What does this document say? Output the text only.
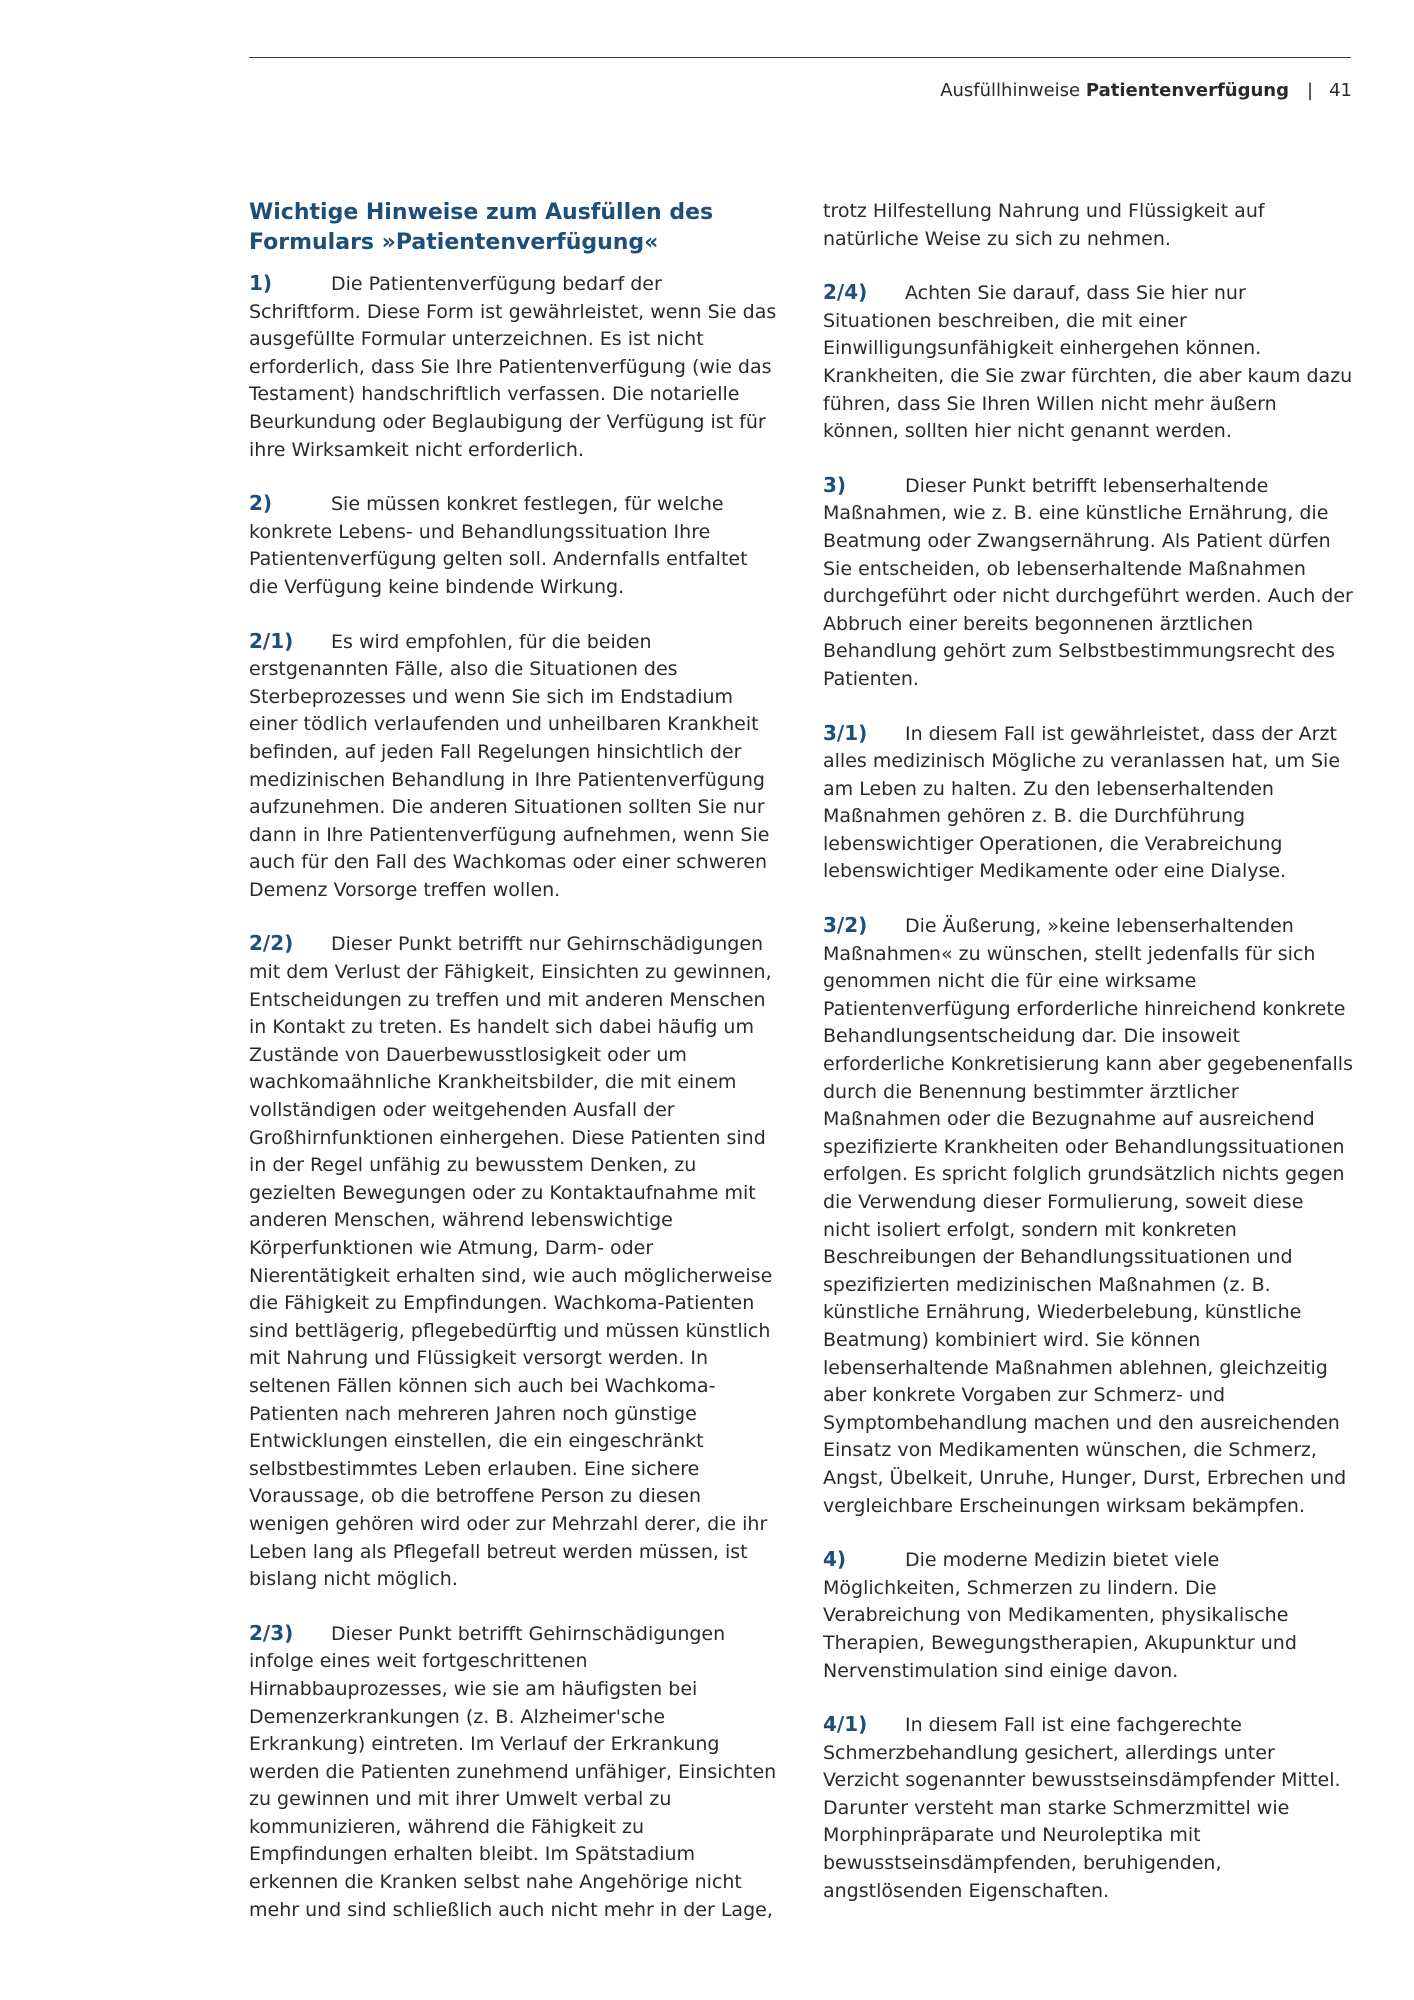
Ausfüllhinweise Patientenverfügung | 41
Wichtige Hinweise zum Ausfüllen des Formulars »Patientenverfügung«
1)	Die Patientenverfügung bedarf der Schriftform. Diese Form ist gewährleistet, wenn Sie das ausgefüllte Formular unterzeichnen. Es ist nicht erforderlich, dass Sie Ihre Patientenverfügung (wie das Testament) handschriftlich verfassen. Die notarielle Beurkundung oder Beglaubigung der Verfügung ist für ihre Wirksamkeit nicht erforderlich.
2)	Sie müssen konkret festlegen, für welche konkrete Lebens- und Behandlungssituation Ihre Patientenverfügung gelten soll. Andernfalls entfaltet die Verfügung keine bindende Wirkung.
2/1) Es wird empfohlen, für die beiden erstgenannten Fälle, also die Situationen des Sterbeprozesses und wenn Sie sich im Endstadium einer tödlich verlaufenden und unheilbaren Krankheit befinden, auf jeden Fall Regelungen hinsichtlich der medizinischen Behandlung in Ihre Patientenverfügung aufzunehmen. Die anderen Situationen sollten Sie nur dann in Ihre Patientenverfügung aufnehmen, wenn Sie auch für den Fall des Wachkomas oder einer schweren Demenz Vorsorge treffen wollen.
2/2) Dieser Punkt betrifft nur Gehirnschädigungen mit dem Verlust der Fähigkeit, Einsichten zu gewinnen, Entscheidungen zu treffen und mit anderen Menschen in Kontakt zu treten. Es handelt sich dabei häufig um Zustände von Dauerbewusstlosigkeit oder um wachkomaähnliche Krankheitsbilder, die mit einem vollständigen oder weitgehenden Ausfall der Großhirnfunktionen einhergehen. Diese Patienten sind in der Regel unfähig zu bewusstem Denken, zu gezielten Bewegungen oder zu Kontaktaufnahme mit anderen Menschen, während lebenswichtige Körperfunktionen wie Atmung, Darm- oder Nierentätigkeit erhalten sind, wie auch möglicherweise die Fähigkeit zu Empfindungen. Wachkoma-Patienten sind bettlägerig, pflegebedürftig und müssen künstlich mit Nahrung und Flüssigkeit versorgt werden. In seltenen Fällen können sich auch bei Wachkoma-Patienten nach mehreren Jahren noch günstige Entwicklungen einstellen, die ein eingeschränkt selbstbestimmtes Leben erlauben. Eine sichere Voraussage, ob die betroffene Person zu diesen wenigen gehören wird oder zur Mehrzahl derer, die ihr Leben lang als Pflegefall betreut werden müssen, ist bislang nicht möglich.
2/3) Dieser Punkt betrifft Gehirnschädigungen infolge eines weit fortgeschrittenen Hirnabbauprozesses, wie sie am häufigsten bei Demenzerkrankungen (z. B. Alzheimer'sche Erkrankung) eintreten. Im Verlauf der Erkrankung werden die Patienten zunehmend unfähiger, Einsichten zu gewinnen und mit ihrer Umwelt verbal zu kommunizieren, während die Fähigkeit zu Empfindungen erhalten bleibt. Im Spätstadium erkennen die Kranken selbst nahe Angehörige nicht mehr und sind schließlich auch nicht mehr in der Lage,
trotz Hilfestellung Nahrung und Flüssigkeit auf natürliche Weise zu sich zu nehmen.
2/4) Achten Sie darauf, dass Sie hier nur Situationen beschreiben, die mit einer Einwilligungsunfähigkeit einhergehen können. Krankheiten, die Sie zwar fürchten, die aber kaum dazu führen, dass Sie Ihren Willen nicht mehr äußern können, sollten hier nicht genannt werden.
3)	Dieser Punkt betrifft lebenserhaltende Maßnahmen, wie z. B. eine künstliche Ernährung, die Beatmung oder Zwangsernährung. Als Patient dürfen Sie entscheiden, ob lebenserhaltende Maßnahmen durchgeführt oder nicht durchgeführt werden. Auch der Abbruch einer bereits begonnenen ärztlichen Behandlung gehört zum Selbstbestimmungsrecht des Patienten.
3/1) In diesem Fall ist gewährleistet, dass der Arzt alles medizinisch Mögliche zu veranlassen hat, um Sie am Leben zu halten. Zu den lebenserhaltenden Maßnahmen gehören z. B. die Durchführung lebenswichtiger Operationen, die Verabreichung lebenswichtiger Medikamente oder eine Dialyse.
3/2) Die Äußerung, »keine lebenserhaltenden Maßnahmen« zu wünschen, stellt jedenfalls für sich genommen nicht die für eine wirksame Patientenverfügung erforderliche hinreichend konkrete Behandlungsentscheidung dar. Die insoweit erforderliche Konkretisierung kann aber gegebenenfalls durch die Benennung bestimmter ärztlicher Maßnahmen oder die Bezugnahme auf ausreichend spezifizierte Krankheiten oder Behandlungssituationen erfolgen. Es spricht folglich grundsätzlich nichts gegen die Verwendung dieser Formulierung, soweit diese nicht isoliert erfolgt, sondern mit konkreten Beschreibungen der Behandlungssituationen und spezifizierten medizinischen Maßnahmen (z. B. künstliche Ernährung, Wiederbelebung, künstliche Beatmung) kombiniert wird. Sie können lebenserhaltende Maßnahmen ablehnen, gleichzeitig aber konkrete Vorgaben zur Schmerz- und Symptombehandlung machen und den ausreichenden Einsatz von Medikamenten wünschen, die Schmerz, Angst, Übelkeit, Unruhe, Hunger, Durst, Erbrechen und vergleichbare Erscheinungen wirksam bekämpfen.
4)	Die moderne Medizin bietet viele Möglichkeiten, Schmerzen zu lindern. Die Verabreichung von Medikamenten, physikalische Therapien, Bewegungstherapien, Akupunktur und Nervenstimulation sind einige davon.
4/1) In diesem Fall ist eine fachgerechte Schmerzbehandlung gesichert, allerdings unter Verzicht sogenannter bewusstseinsdämpfender Mittel. Darunter versteht man starke Schmerzmittel wie Morphinpräparate und Neuroleptika mit bewusstseinsdämpfenden, beruhigenden, angstlösenden Eigenschaften.
